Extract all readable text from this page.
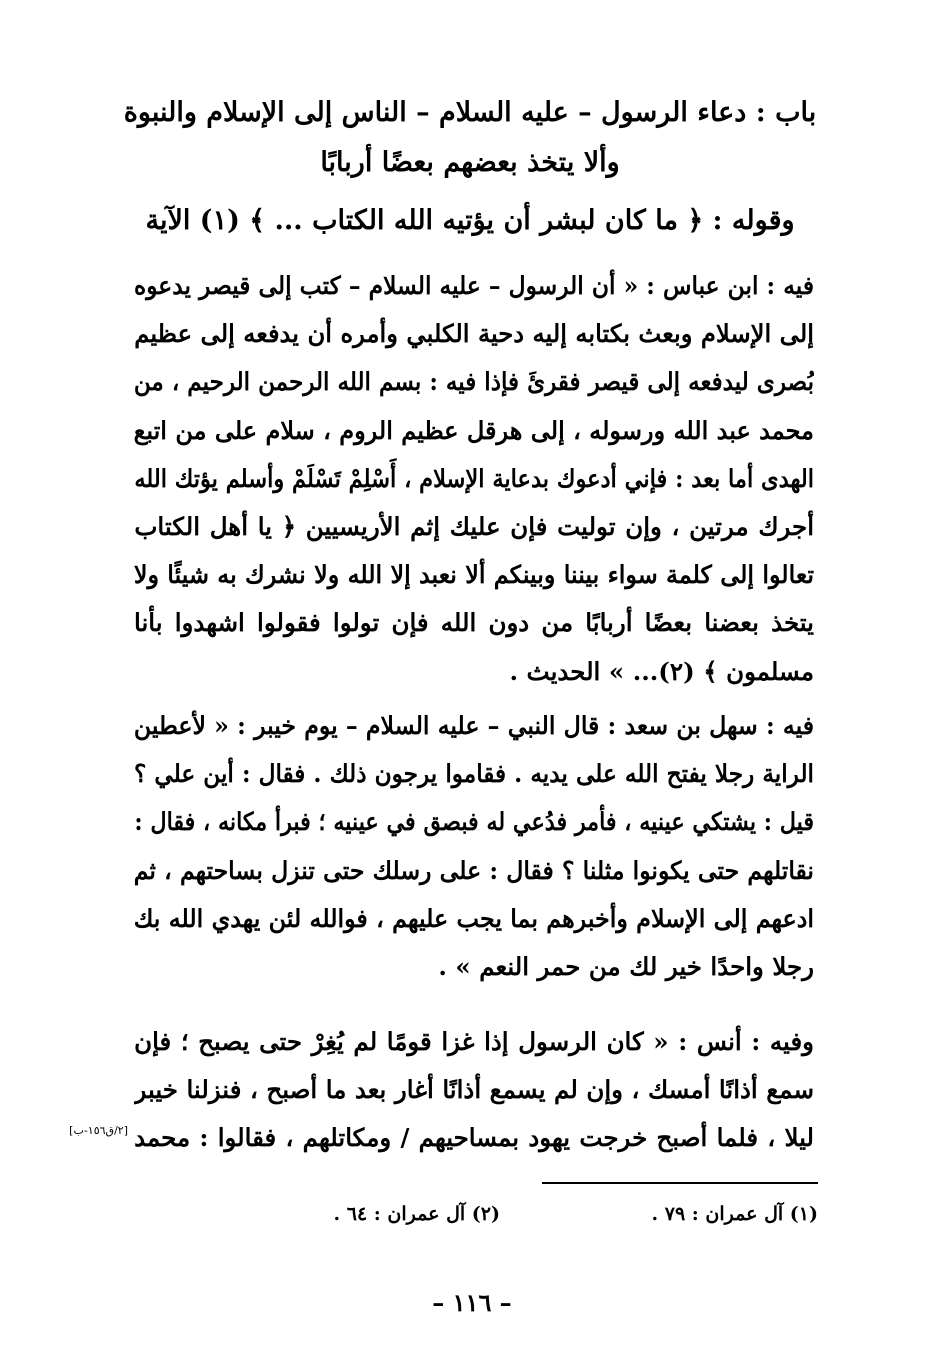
باب : دعاء الرسول – عليه السلام – الناس إلى الإسلام والنبوة
وألا يتخذ بعضهم بعضًا أربابًا
وقوله : ﴿ ما كان لبشر أن يؤتيه الله الكتاب ... ﴾ (١) الآية
فيه : ابن عباس : « أن الرسول – عليه السلام – كتب إلى قيصر يدعوه
إلى الإسلام وبعث بكتابه إليه دحية الكلبي وأمره أن يدفعه إلى عظيم
بُصرى ليدفعه إلى قيصر فقرئَ فإذا فيه : بسم الله الرحمن الرحيم ، من
محمد عبد الله ورسوله ، إلى هرقل عظيم الروم ، سلام على من اتبع
الهدى أما بعد : فإني أدعوك بدعاية الإسلام ، أَسْلِمْ تَسْلَمْ وأسلم يؤتك الله
أجرك مرتين ، وإن توليت فإن عليك إثم الأريسيين ﴿ يا أهل الكتاب
تعالوا إلى كلمة سواء بيننا وبينكم ألا نعبد إلا الله ولا نشرك به شيئًا ولا
يتخذ بعضنا بعضًا أربابًا من دون الله فإن تولوا فقولوا اشهدوا بأنا
مسلمون ﴾ (٢)... » الحديث .
فيه : سهل بن سعد : قال النبي – عليه السلام – يوم خيبر : « لأعطين
الراية رجلا يفتح الله على يديه . فقاموا يرجون ذلك . فقال : أين علي ؟
قيل : يشتكي عينيه ، فأمر فدُعي له فبصق في عينيه ؛ فبرأ مكانه ، فقال :
نقاتلهم حتى يكونوا مثلنا ؟ فقال : على رسلك حتى تنزل بساحتهم ، ثم
ادعهم إلى الإسلام وأخبرهم بما يجب عليهم ، فوالله لئن يهدي الله بك
رجلا واحدًا خير لك من حمر النعم » .
وفيه : أنس : « كان الرسول إذا غزا قومًا لم يُغِرْ حتى يصبح ؛ فإن
سمع أذانًا أمسك ، وإن لم يسمع أذانًا أغار بعد ما أصبح ، فنزلنا خيبر
ليلا ، فلما أصبح خرجت يهود بمساحيهم / ومكاتلهم ، فقالوا : محمد
[٢/ق١٥٦-ب]
(١) آل عمران : ٧٩ .
(٢) آل عمران : ٦٤ .
– ١١٦ –
